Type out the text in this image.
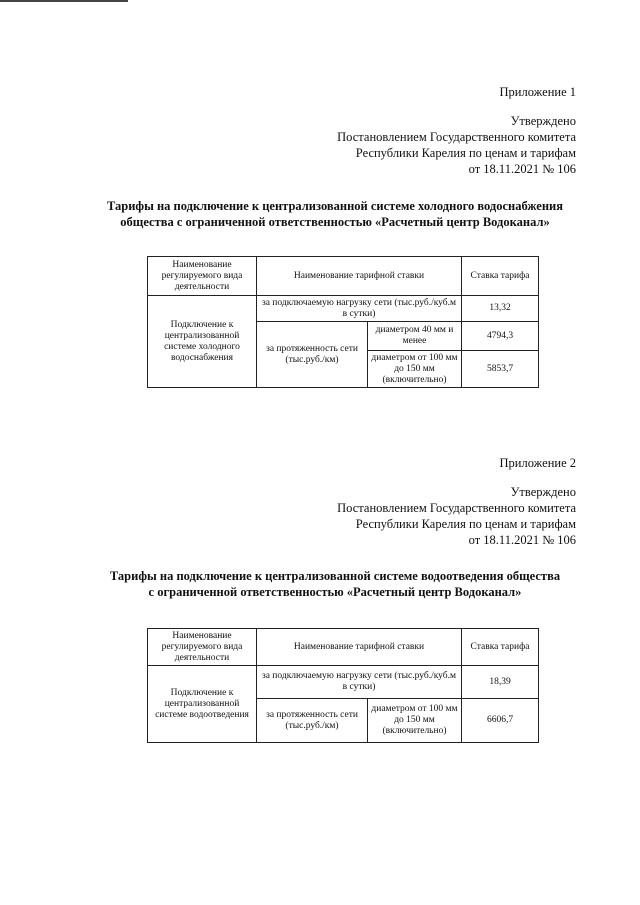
Приложение 1
Утверждено
Постановлением Государственного комитета
Республики Карелия по ценам и тарифам
от 18.11.2021 № 106
Тарифы на подключение к централизованной системе холодного водоснабжения
общества с ограниченной ответственностью «Расчетный центр Водоканал»
Наименование регулируемого вида деятельности	Наименование тарифной ставки		Ставка тарифа
Подключение к централизованной системе холодного водоснабжения	за подключаемую нагрузку сети (тыс.руб./куб.м в сутки)		13,32
	за протяженность сети (тыс.руб./км)	диаметром 40 мм и менее	4794,3
		диаметром от 100 мм до 150 мм (включительно)	5853,7
Приложение 2
Утверждено
Постановлением Государственного комитета
Республики Карелия по ценам и тарифам
от 18.11.2021 № 106
Тарифы на подключение к централизованной системе водоотведения общества
с ограниченной ответственностью «Расчетный центр Водоканал»
Наименование регулируемого вида деятельности	Наименование тарифной ставки		Ставка тарифа
Подключение к централизованной системе водоотведения	за подключаемую нагрузку сети (тыс.руб./куб.м в сутки)		18,39
	за протяженность сети (тыс.руб./км)	диаметром от 100 мм до 150 мм (включительно)	6606,7
